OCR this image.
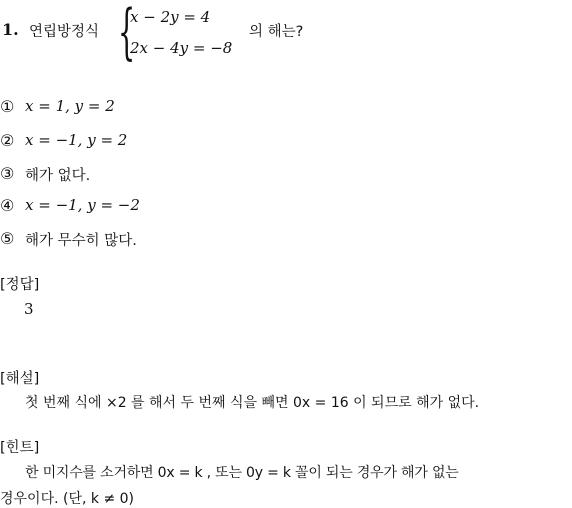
1. 연립방정식 {
x − 2y = 4
2x − 4y = −8
의 해는?
① x = 1, y = 2
② x = −1, y = 2
③ 해가 없다.
④ x = −1, y = −2
⑤ 해가 무수히 많다.
[정답]
3
[해설]
첫 번째 식에 ×2 를 해서 두 번째 식을 빼면 0x = 16 이 되므로 해가 없다.
[힌트]
한 미지수를 소거하면 0x = k , 또는 0y = k 꼴이 되는 경우가 해가 없는
경우이다. (단, k ≠ 0)
